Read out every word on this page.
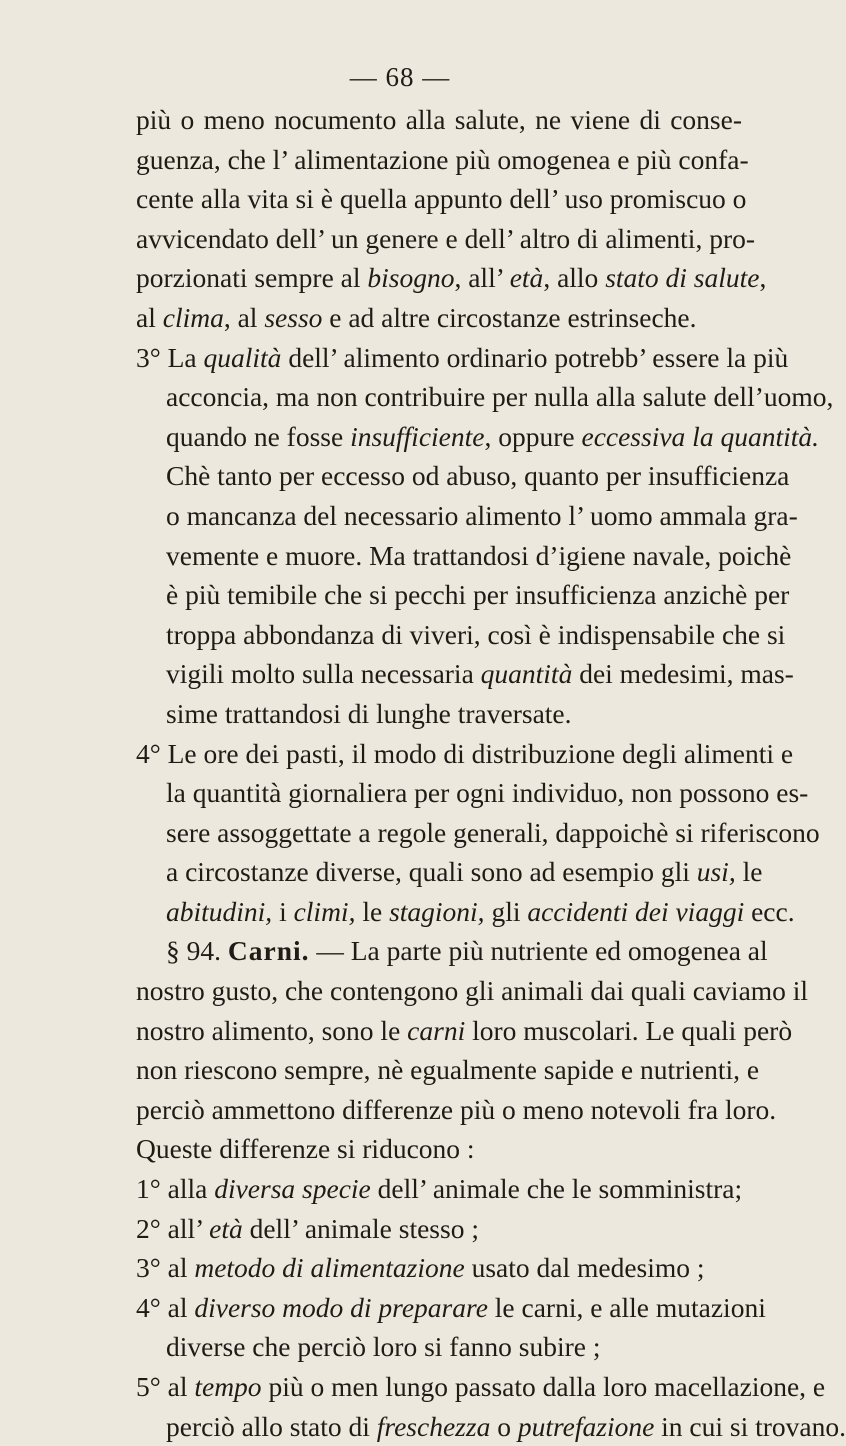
— 68 —
più o meno nocumento alla salute, ne viene di conse-
guenza, che l’ alimentazione più omogenea e più confa-
cente alla vita si è quella appunto dell’ uso promiscuo o
avvicendato dell’ un genere e dell’ altro di alimenti, pro-
porzionati sempre al bisogno, all’ età, allo stato di salute,
al clima, al sesso e ad altre circostanze estrinseche.
3° La qualità dell’ alimento ordinario potrebb’ essere la più
acconcia, ma non contribuire per nulla alla salute dell’uomo,
quando ne fosse insufficiente, oppure eccessiva la quantità.
Chè tanto per eccesso od abuso, quanto per insufficienza
o mancanza del necessario alimento l’ uomo ammala gra-
vemente e muore. Ma trattandosi d’igiene navale, poichè
è più temibile che si pecchi per insufficienza anzichè per
troppa abbondanza di viveri, così è indispensabile che si
vigili molto sulla necessaria quantità dei medesimi, mas-
sime trattandosi di lunghe traversate.
4° Le ore dei pasti, il modo di distribuzione degli alimenti e
la quantità giornaliera per ogni individuo, non possono es-
sere assoggettate a regole generali, dappoichè si riferiscono
a circostanze diverse, quali sono ad esempio gli usi, le
abitudini, i climi, le stagioni, gli accidenti dei viaggi ecc.
§ 94. Carni. — La parte più nutriente ed omogenea al
nostro gusto, che contengono gli animali dai quali caviamo il
nostro alimento, sono le carni loro muscolari. Le quali però
non riescono sempre, nè egualmente sapide e nutrienti, e
perciò ammettono differenze più o meno notevoli fra loro.
Queste differenze si riducono :
1° alla diversa specie dell’ animale che le somministra;
2° all’ età dell’ animale stesso ;
3° al metodo di alimentazione usato dal medesimo ;
4° al diverso modo di preparare le carni, e alle mutazioni
diverse che perciò loro si fanno subire ;
5° al tempo più o men lungo passato dalla loro macellazione, e
perciò allo stato di freschezza o putrefazione in cui si trovano.
